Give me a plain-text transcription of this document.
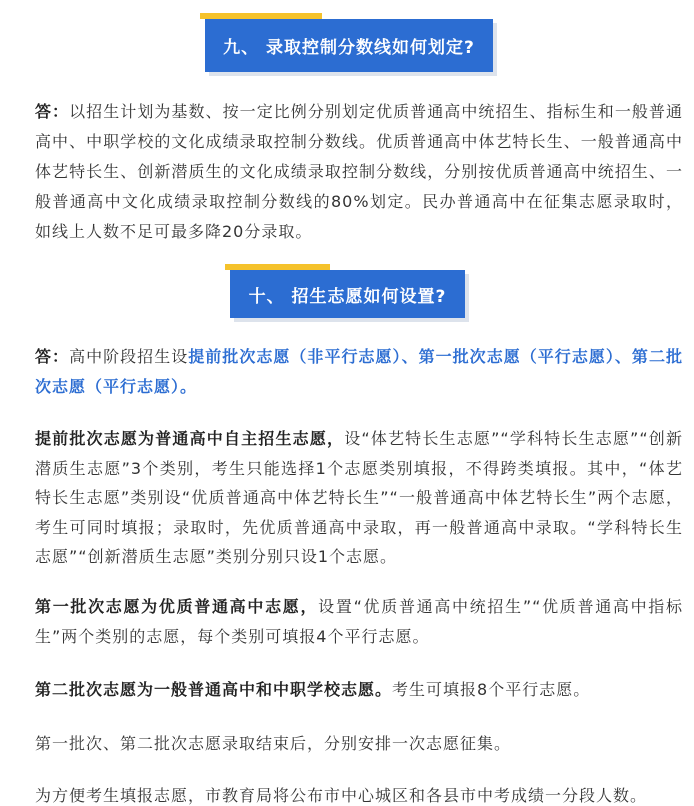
九、 录取控制分数线如何划定?

答：以招生计划为基数、按一定比例分别划定优质普通高中统招生、指标生和一般普通高中、中职学校的文化成绩录取控制分数线。优质普通高中体艺特长生、一般普通高中体艺特长生、创新潜质生的文化成绩录取控制分数线，分别按优质普通高中统招生、一般普通高中文化成绩录取控制分数线的80%划定。民办普通高中在征集志愿录取时，如线上人数不足可最多降20分录取。

十、 招生志愿如何设置?

答：高中阶段招生设提前批次志愿（非平行志愿）、第一批次志愿（平行志愿）、第二批次志愿（平行志愿）。

提前批次志愿为普通高中自主招生志愿，设“体艺特长生志愿”“学科特长生志愿”“创新潜质生志愿”3个类别，考生只能选择1个志愿类别填报，不得跨类填报。其中，“体艺特长生志愿”类别设“优质普通高中体艺特长生”“一般普通高中体艺特长生”两个志愿，考生可同时填报；录取时，先优质普通高中录取，再一般普通高中录取。“学科特长生志愿”“创新潜质生志愿”类别分别只设1个志愿。

第一批次志愿为优质普通高中志愿，设置“优质普通高中统招生”“优质普通高中指标生”两个类别的志愿，每个类别可填报4个平行志愿。

第二批次志愿为一般普通高中和中职学校志愿。考生可填报8个平行志愿。

第一批次、第二批次志愿录取结束后，分别安排一次志愿征集。

为方便考生填报志愿，市教育局将公布市中心城区和各县市中考成绩一分段人数。
